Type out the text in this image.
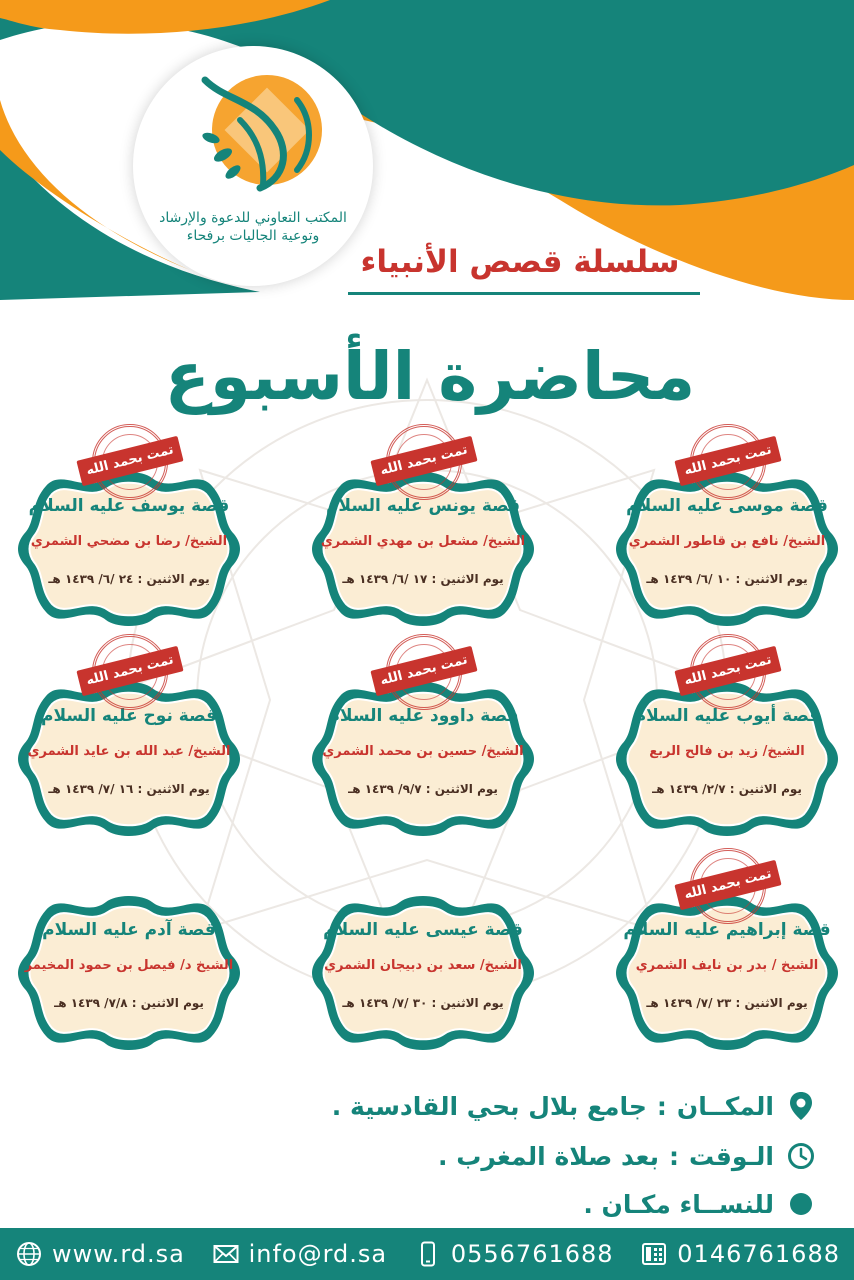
المكتب التعاوني للدعوة والإرشاد
وتوعية الجاليات برفحاء
سلسلة قصص الأنبياء
محاضرة الأسبوع
قصة موسى عليه السلام
الشيخ/ نافع بن قاطور الشمري
يوم الاثنين : ١٠ /٦/ ١٤٣٩ هـ
تمت بحمد الله
قصة يونس عليه السلام
الشيخ/ مشعل بن مهدي الشمري
يوم الاثنين : ١٧ /٦/ ١٤٣٩ هـ
تمت بحمد الله
قصة يوسف عليه السلام
الشيخ/ رضا بن مضحي الشمري
يوم الاثنين : ٢٤ /٦/ ١٤٣٩ هـ
تمت بحمد الله
قصة أيوب عليه السلام
الشيخ/ زيد بن فالح الربع
يوم الاثنين : ٢/٧/ ١٤٣٩ هـ
تمت بحمد الله
قصة داوود عليه السلام
الشيخ/ حسين بن محمد الشمري
يوم الاثنين : ٩/٧/ ١٤٣٩ هـ
تمت بحمد الله
قصة نوح عليه السلام
الشيخ/ عبد الله بن عايد الشمري
يوم الاثنين : ١٦ /٧/ ١٤٣٩ هـ
تمت بحمد الله
قصة إبراهيم عليه السلام
الشيخ / بدر بن نايف الشمري
يوم الاثنين : ٢٣ /٧/ ١٤٣٩ هـ
تمت بحمد الله
قصة عيسى عليه السلام
الشيخ/ سعد بن دبيجان الشمري
يوم الاثنين : ٣٠ /٧/ ١٤٣٩ هـ
قصة آدم عليه السلام
الشيخ د/ فيصل بن حمود المخيمر
يوم الاثنين : ٧/٨/ ١٤٣٩ هـ
المكــان
:
جامع بلال بحي القادسية .
الـوقت
:
بعد صلاة المغرب .
للنســاء مكـان .
www.rd.sa	info@rd.sa	0556761688	0146761688
